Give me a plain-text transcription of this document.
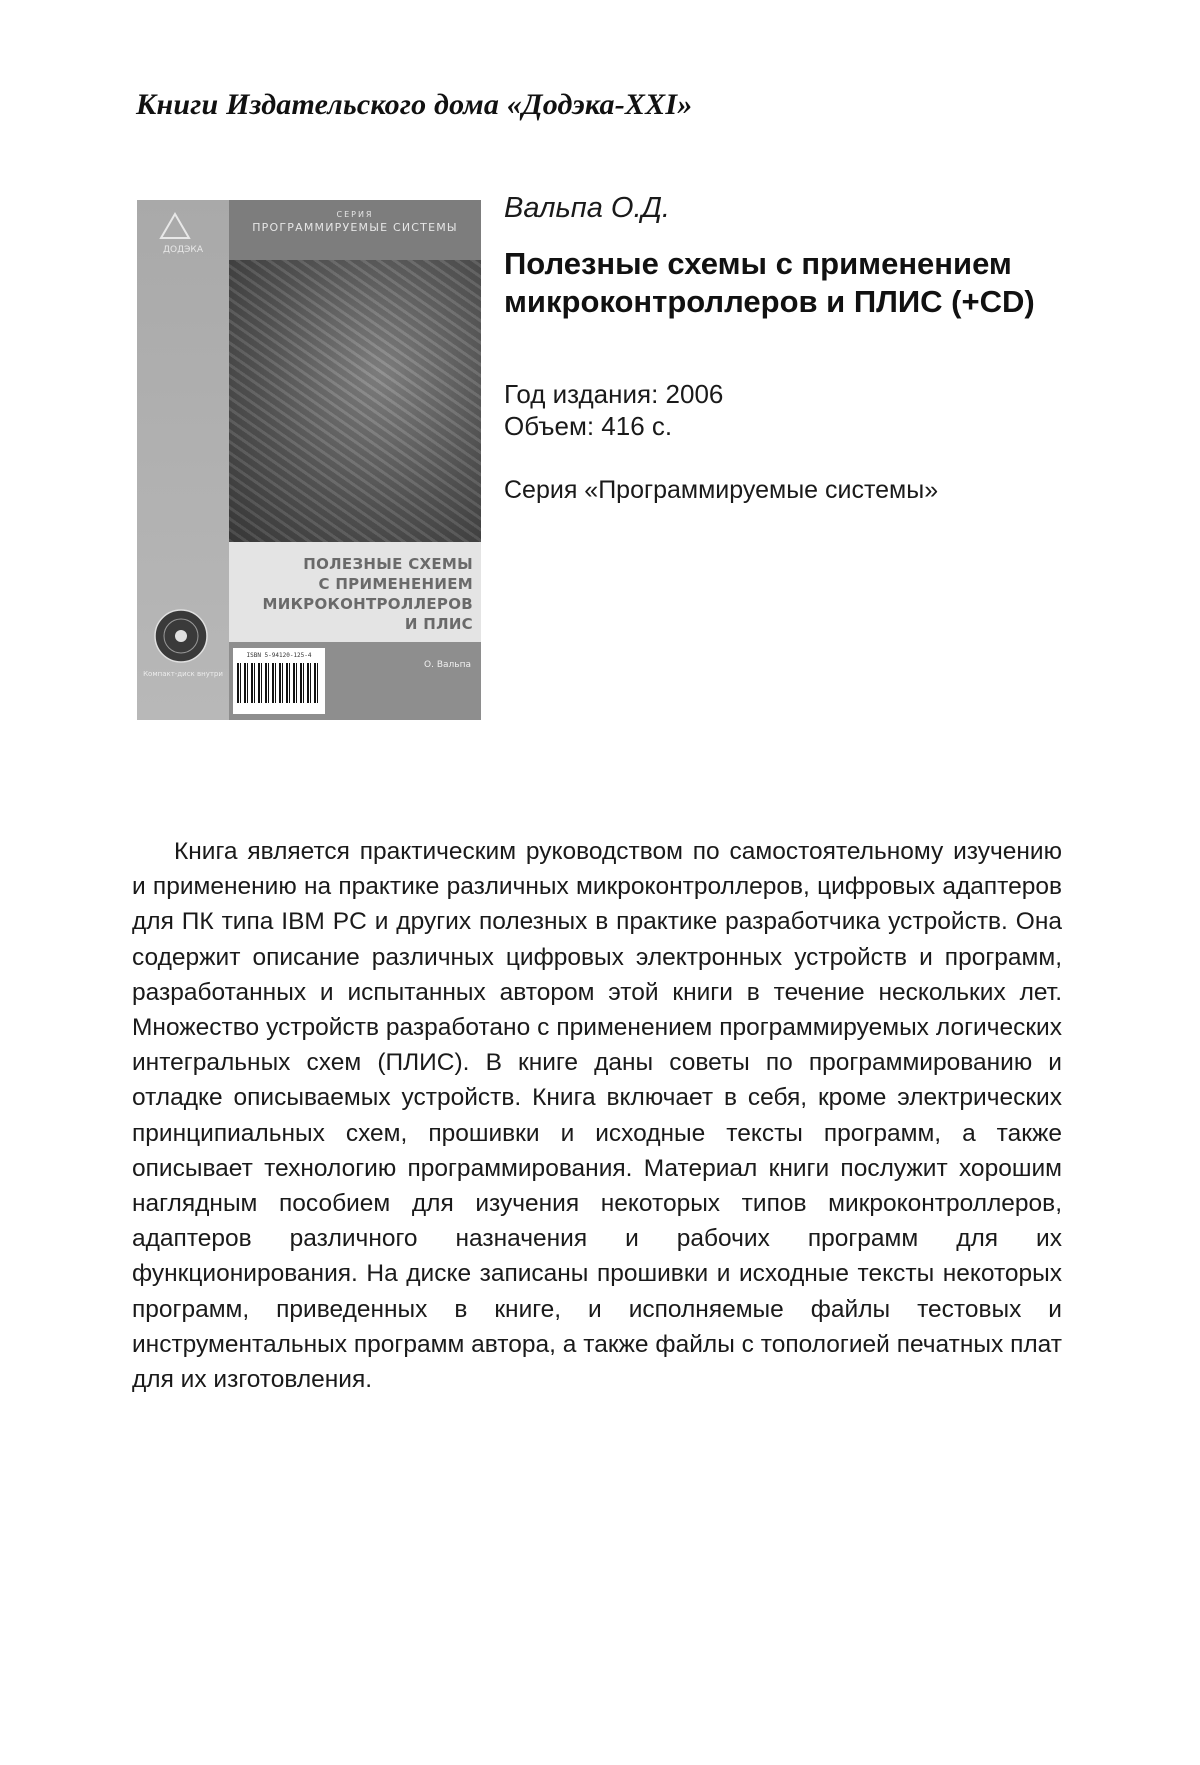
Книги Издательского дома «Додэка-XXI»
ДОДЭКА
СЕРИЯ
ПРОГРАММИРУЕМЫЕ СИСТЕМЫ
ПОЛЕЗНЫЕ СХЕМЫ
С ПРИМЕНЕНИЕМ
МИКРОКОНТРОЛЛЕРОВ
И ПЛИС
Компакт-диск внутри
ISBN 5-94120-125-4
О. Вальпа
Вальпа О.Д.
Полезные схемы с применением микроконтроллеров и ПЛИС (+CD)
Год издания: 2006
Объем: 416 с.
Серия «Программируемые системы»

Книга является практическим руководством по самостоятельному изучению и применению на практике различных микроконтроллеров, цифровых адаптеров для ПК типа IBM PC и других полезных в практике разработчика устройств. Она содержит описание различных цифровых электронных устройств и программ, разработанных и испытанных автором этой книги в течение нескольких лет. Множество устройств разработано с применением программируемых логических интегральных схем (ПЛИС). В книге даны советы по программированию и отладке описываемых устройств. Книга включает в себя, кроме электрических принципиальных схем, прошивки и исходные тексты программ, а также описывает технологию программирования. Материал книги послужит хорошим наглядным пособием для изучения некоторых типов микроконтроллеров, адаптеров различного назначения и рабочих программ для их функционирования. На диске записаны прошивки и исходные тексты некоторых программ, приведенных в книге, и исполняемые файлы тестовых и инструментальных программ автора, а также файлы с топологией печатных плат для их изготовления.
